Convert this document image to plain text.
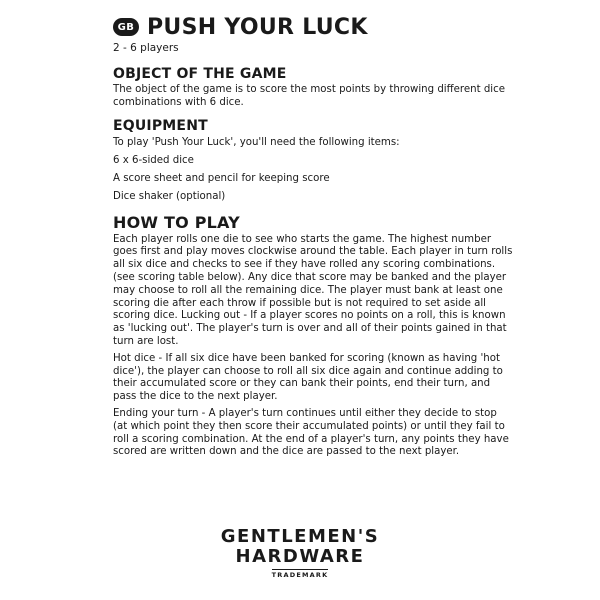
GB PUSH YOUR LUCK
2 - 6 players
OBJECT OF THE GAME

The object of the game is to score the most points by throwing different dice combinations with 6 dice.

EQUIPMENT
To play 'Push Your Luck', you'll need the following items:
6 x 6-sided dice
A score sheet and pencil for keeping score
Dice shaker (optional)
HOW TO PLAY

Each player rolls one die to see who starts the game. The highest number goes first and play moves clockwise around the table. Each player in turn rolls all six dice and checks to see if they have rolled any scoring combinations. (see scoring table below). Any dice that score may be banked and the player may choose to roll all the remaining dice. The player must bank at least one scoring die after each throw if possible but is not required to set aside all scoring dice. Lucking out - If a player scores no points on a roll, this is known as 'lucking out'. The player's turn is over and all of their points gained in that turn are lost.

Hot dice - If all six dice have been banked for scoring (known as having 'hot dice'), the player can choose to roll all six dice again and continue adding to their accumulated score or they can bank their points, end their turn, and pass the dice to the next player.

Ending your turn - A player's turn continues until either they decide to stop (at which point they then score their accumulated points) or until they fail to roll a scoring combination. At the end of a player's turn, any points they have scored are written down and the dice are passed to the next player.

GENTLEMEN'S
HARDWARE
TRADEMARK
